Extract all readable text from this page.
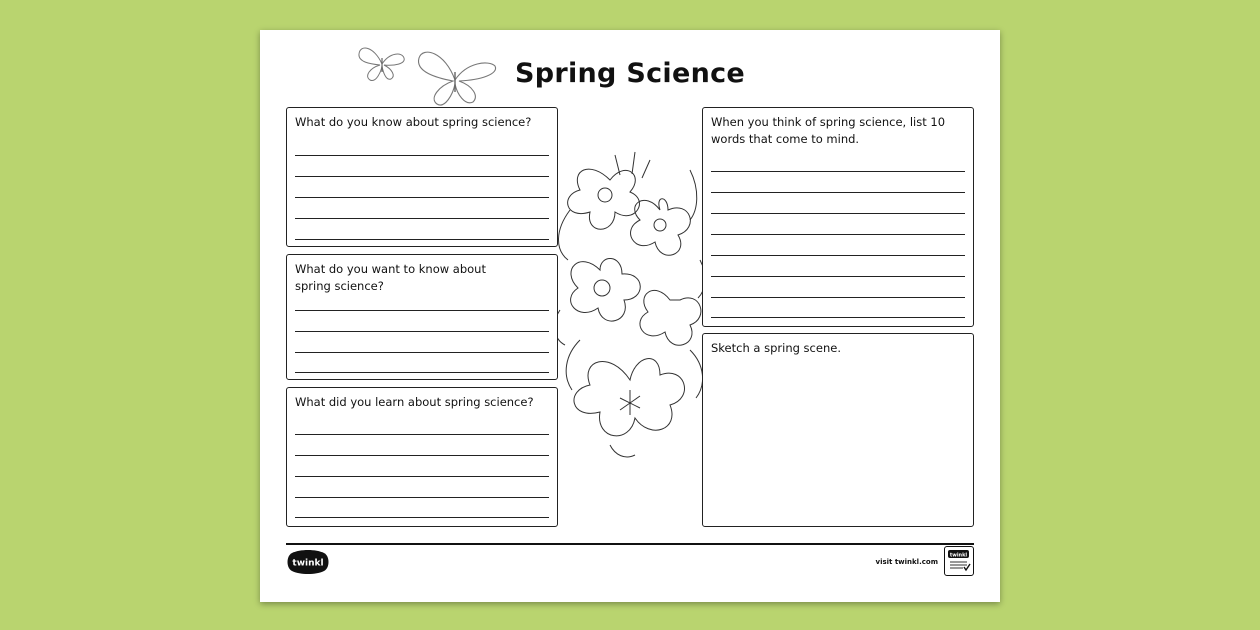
Spring Science
What do you know about spring science?
What do you want to know about
spring science?
What did you learn about spring science?
When you think of spring science, list 10
words that come to mind.
Sketch a spring scene.
twinkl	visit twinkl.com
twinkl
